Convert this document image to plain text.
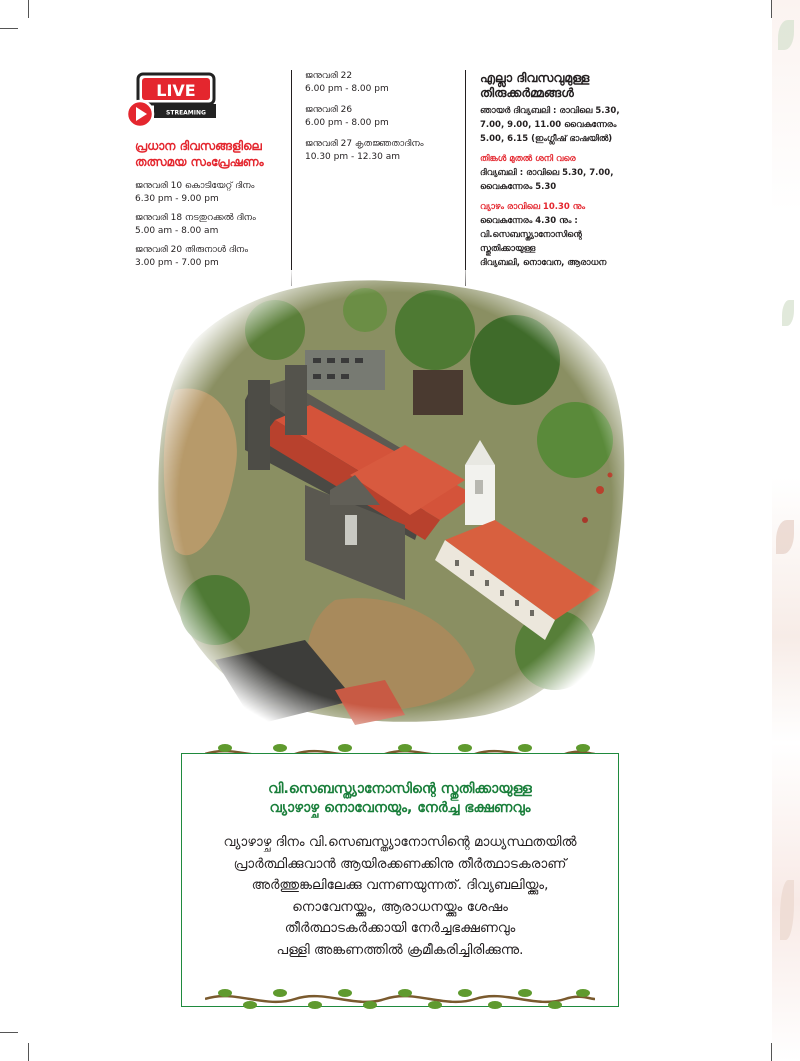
LIVE
STREAMING
പ്രധാന ദിവസങ്ങളിലെ
തത്സമയ സംപ്രേഷണം
ജനുവരി 10 കൊടിയേറ്റ് ദിനം
6.30 pm - 9.00 pm
ജനുവരി 18 നടതുറക്കൽ ദിനം
5.00 am - 8.00 am
ജനുവരി 20 തിരുനാൾ ദിനം
3.00 pm - 7.00 pm
ജനുവരി 22
6.00 pm - 8.00 pm
ജനുവരി 26
6.00 pm - 8.00 pm
ജനുവരി 27 കൃതജ്ഞതാദിനം
10.30 pm - 12.30 am
എല്ലാ ദിവസവുമുള്ള
തിരുക്കർമ്മങ്ങൾ
ഞായർ ദിവ്യബലി : രാവിലെ 5.30,
7.00, 9.00, 11.00 വൈകുന്നേരം
5.00, 6.15 (ഇംഗ്ലീഷ് ഭാഷയിൽ)
തിങ്കൾ മുതൽ ശനി വരെ
ദിവ്യബലി : രാവിലെ 5.30, 7.00,
വൈകുന്നേരം 5.30
വ്യാഴം രാവിലെ 10.30 നും
വൈകുന്നേരം 4.30 നും :
വി.സെബസ്ത്യാനോസിന്റെ
സ്തുതിക്കായുള്ള
ദിവ്യബലി, നൊവേന, ആരാധന
വി.സെബസ്ത്യാനോസിന്റെ സ്തുതിക്കായുള്ള
വ്യാഴാഴ്ച നൊവേനയും, നേർച്ച ഭക്ഷണവും
വ്യാഴാഴ്ച ദിനം വി.സെബസ്ത്യാനോസിന്റെ മാധ്യസ്ഥതയിൽ
പ്രാർത്ഥിക്കുവാൻ ആയിരക്കണക്കിനു തീർത്ഥാടകരാണ്
അർത്തുങ്കലിലേക്കു വന്നണയുന്നത്. ദിവ്യബലിയ്ക്കും,
നൊവേനയ്ക്കും, ആരാധനയ്ക്കും ശേഷം
തീർത്ഥാടകർക്കായി നേർച്ചഭക്ഷണവും
പള്ളി അങ്കണത്തിൽ ക്രമീകരിച്ചിരിക്കുന്നു.
